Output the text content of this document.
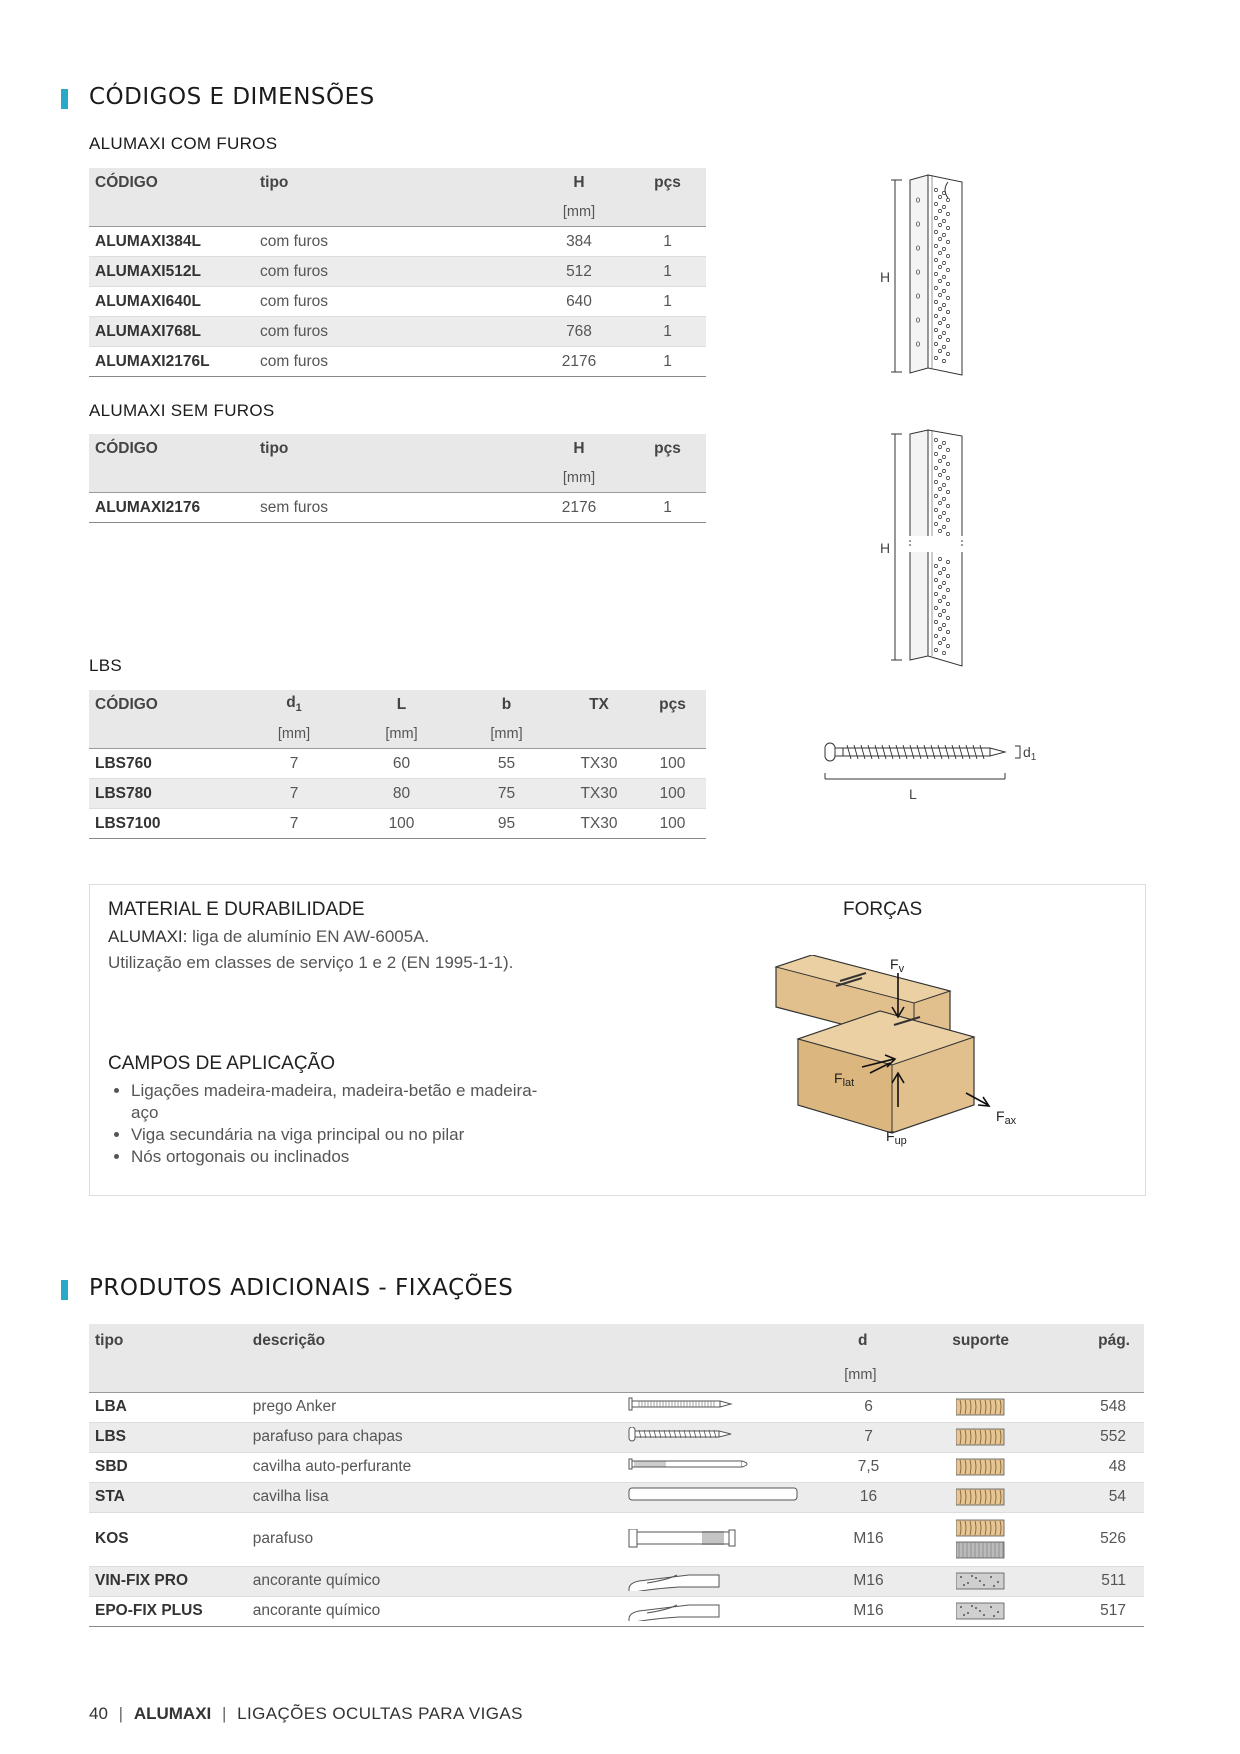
CÓDIGOS E DIMENSÕES
ALUMAXI COM FUROS
CÓDIGO	tipo	H	pçs
		[mm]	
ALUMAXI384L	com furos	384	1
ALUMAXI512L	com furos	512	1
ALUMAXI640L	com furos	640	1
ALUMAXI768L	com furos	768	1
ALUMAXI2176L	com furos	2176	1
ALUMAXI SEM FUROS
CÓDIGO	tipo	H	pçs
		[mm]	
ALUMAXI2176	sem furos	2176	1
LBS
CÓDIGO	$d_1$	L	b	TX	pçs
	[mm]	[mm]	[mm]		
LBS760	7	60	55	TX30	100
LBS780	7	80	75	TX30	100
LBS7100	7	100	95	TX30	100
H
H
$d_1$
L
MATERIAL E DURABILIDADE
ALUMAXI: liga de alumínio EN AW-6005A.
Utilização em classes de serviço 1 e 2 (EN 1995-1-1).
CAMPOS DE APLICAÇÃO
• Ligações madeira-madeira, madeira-betão e madeira-aço
• Viga secundária na viga principal ou no pilar
• Nós ortogonais ou inclinados
FORÇAS
$F_v$
$F_{lat}$
$F_{ax}$
$F_{up}$
PRODUTOS ADICIONAIS - FIXAÇÕES
tipo	descrição	d		suporte	pág.
		[mm]			
LBA	prego Anker	6			548
LBS	parafuso para chapas	7			552
SBD	cavilha auto-perfurante	7,5			48
STA	cavilha lisa	16			54
KOS	parafuso	M16			526
VIN-FIX PRO	ancorante químico	M16			511
EPO-FIX PLUS	ancorante químico	M16			517
40 | ALUMAXI | LIGAÇÕES OCULTAS PARA VIGAS
